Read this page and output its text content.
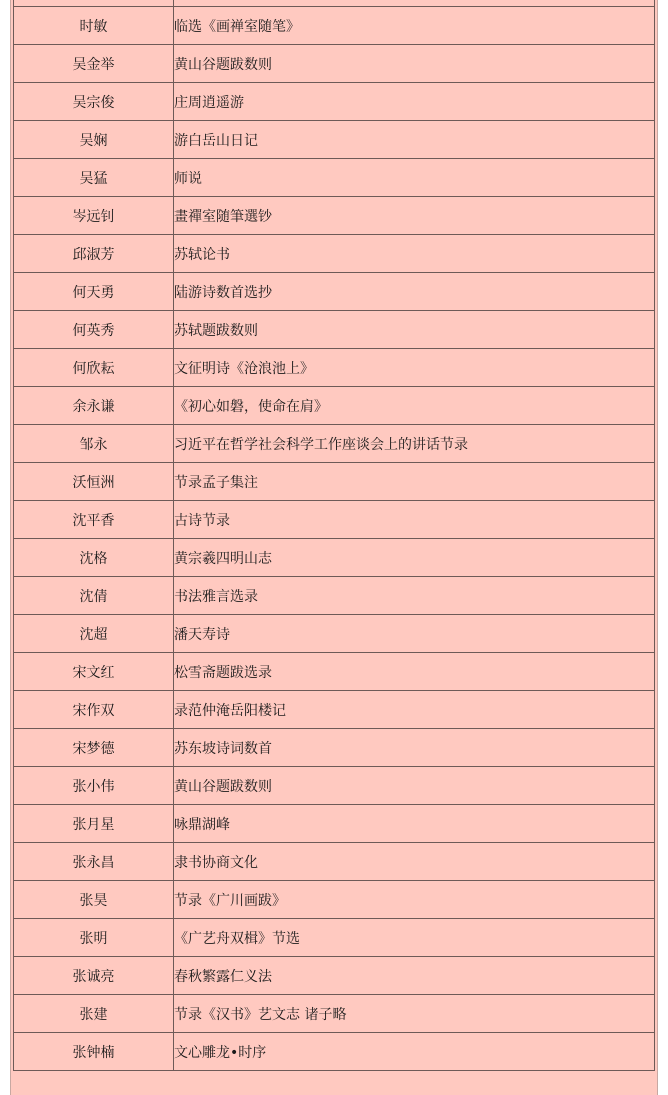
时敏	临选《画禅室随笔》
吴金举	黄山谷题跋数则
吴宗俊	庄周逍遥游
吴娴	游白岳山日记
吴猛	师说
岑远钊	畫禪室随筆選钞
邱淑芳	苏轼论书
何天勇	陆游诗数首选抄
何英秀	苏轼题跋数则
何欣耘	文征明诗《沧浪池上》
余永谦	《初心如磐，使命在肩》
邹永	习近平在哲学社会科学工作座谈会上的讲话节录
沃恒洲	节录孟子集注
沈平香	古诗节录
沈格	黄宗羲四明山志
沈倩	书法雅言选录
沈超	潘天寿诗
宋文红	松雪斋题跋选录
宋作双	录范仲淹岳阳楼记
宋梦德	苏东坡诗词数首
张小伟	黄山谷题跋数则
张月星	咏鼎湖峰
张永昌	隶书协商文化
张昊	节录《广川画跋》
张明	《广艺舟双楫》节选
张诚亮	春秋繁露仁义法
张建	节录《汉书》艺文志 诸子略
张钟楠	文心雕龙•时序
